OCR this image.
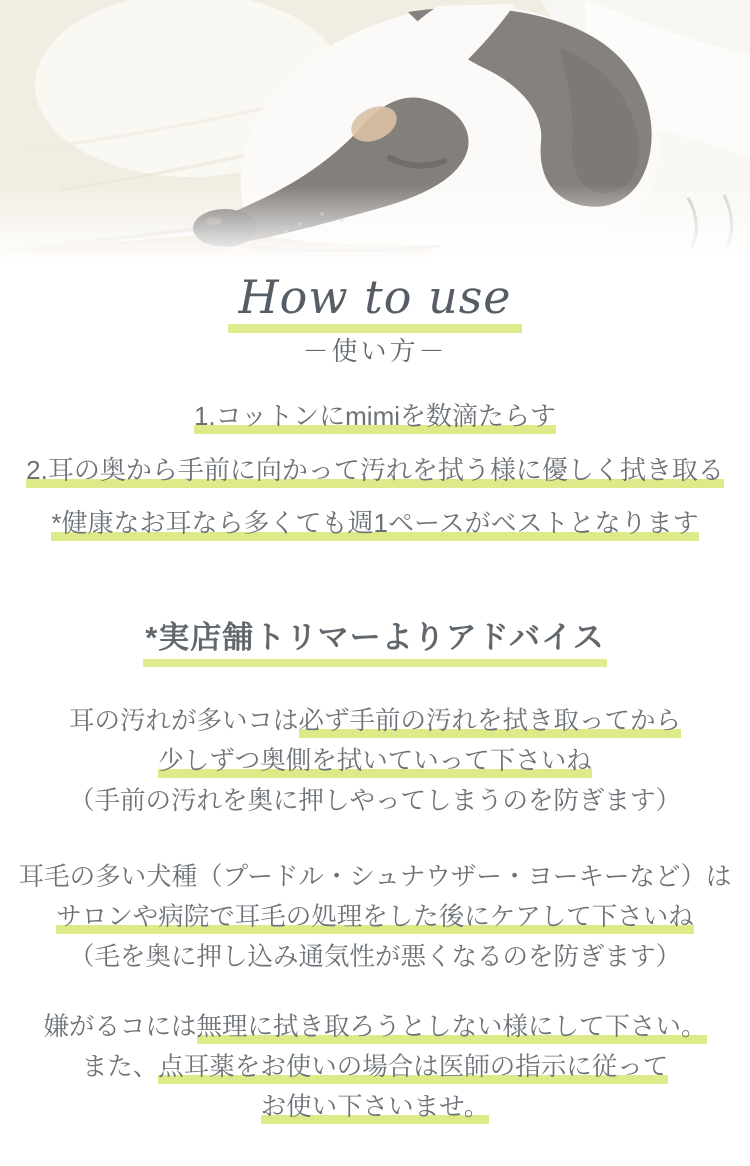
How to use
－使い方－

1.コットンにmimiを数滴たらす

2.耳の奥から手前に向かって汚れを拭う様に優しく拭き取る

*健康なお耳なら多くても週1ペースがベストとなります

*実店舗トリマーよりアドバイス

耳の汚れが多いコは必ず手前の汚れを拭き取ってから

少しずつ奥側を拭いていって下さいね

（手前の汚れを奥に押しやってしまうのを防ぎます）

耳毛の多い犬種（プードル・シュナウザー・ヨーキーなど）は

サロンや病院で耳毛の処理をした後にケアして下さいね

（毛を奥に押し込み通気性が悪くなるのを防ぎます）

嫌がるコには無理に拭き取ろうとしない様にして下さい。

また、点耳薬をお使いの場合は医師の指示に従って

お使い下さいませ。
